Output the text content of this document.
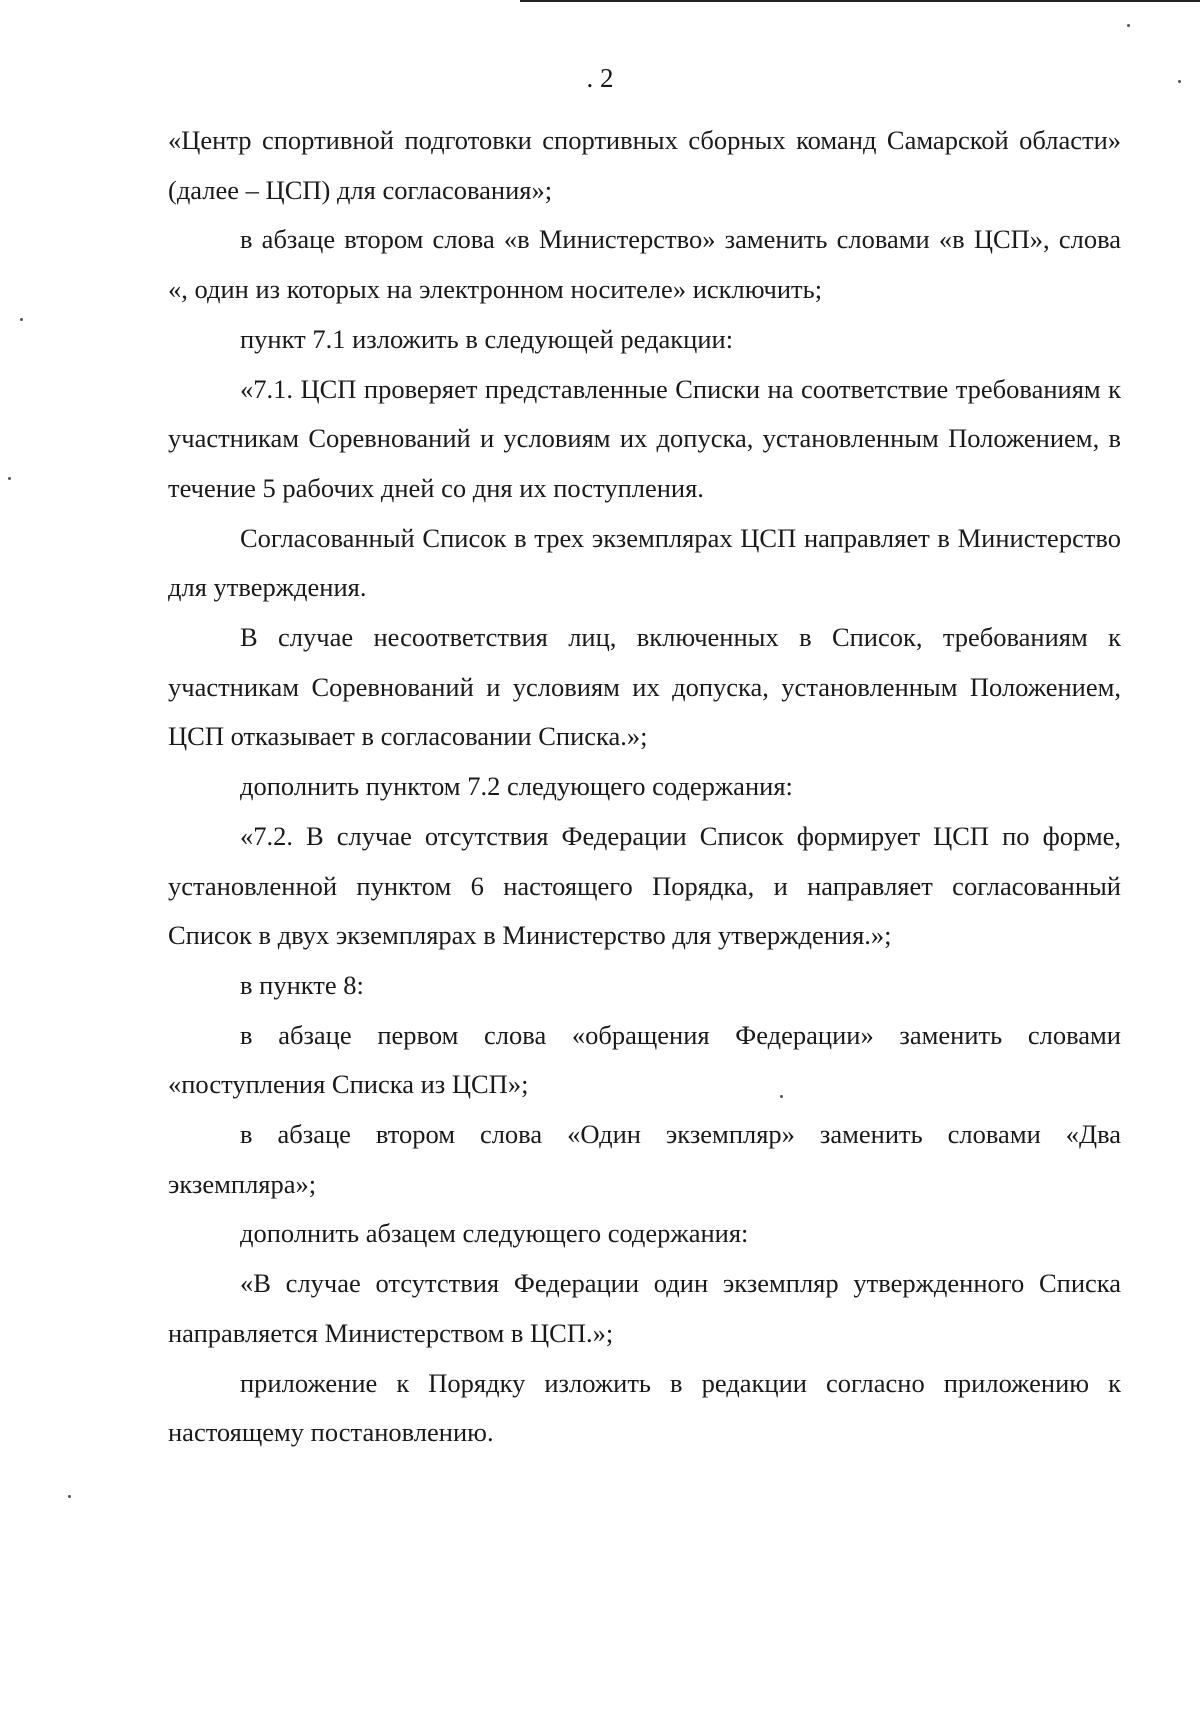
. 2

«Центр спортивной подготовки спортивных сборных команд Самарской области» (далее – ЦСП) для согласования»;

в абзаце втором слова «в Министерство» заменить словами «в ЦСП», слова «, один из которых на электронном носителе» исключить;

пункт 7.1 изложить в следующей редакции:

«7.1. ЦСП проверяет представленные Списки на соответствие требованиям к участникам Соревнований и условиям их допуска, установленным Положением, в течение 5 рабочих дней со дня их поступления.

Согласованный Список в трех экземплярах ЦСП направляет в Министерство для утверждения.

В случае несоответствия лиц, включенных в Список, требованиям к участникам Соревнований и условиям их допуска, установленным Положением, ЦСП отказывает в согласовании Списка.»;

дополнить пунктом 7.2 следующего содержания:

«7.2. В случае отсутствия Федерации Список формирует ЦСП по форме, установленной пунктом 6 настоящего Порядка, и направляет согласованный Список в двух экземплярах в Министерство для утверждения.»;

в пункте 8:

в абзаце первом слова «обращения Федерации» заменить словами «поступления Списка из ЦСП»;

в абзаце втором слова «Один экземпляр» заменить словами «Два экземпляра»;

дополнить абзацем следующего содержания:

«В случае отсутствия Федерации один экземпляр утвержденного Списка направляется Министерством в ЦСП.»;

приложение к Порядку изложить в редакции согласно приложению к настоящему постановлению.
